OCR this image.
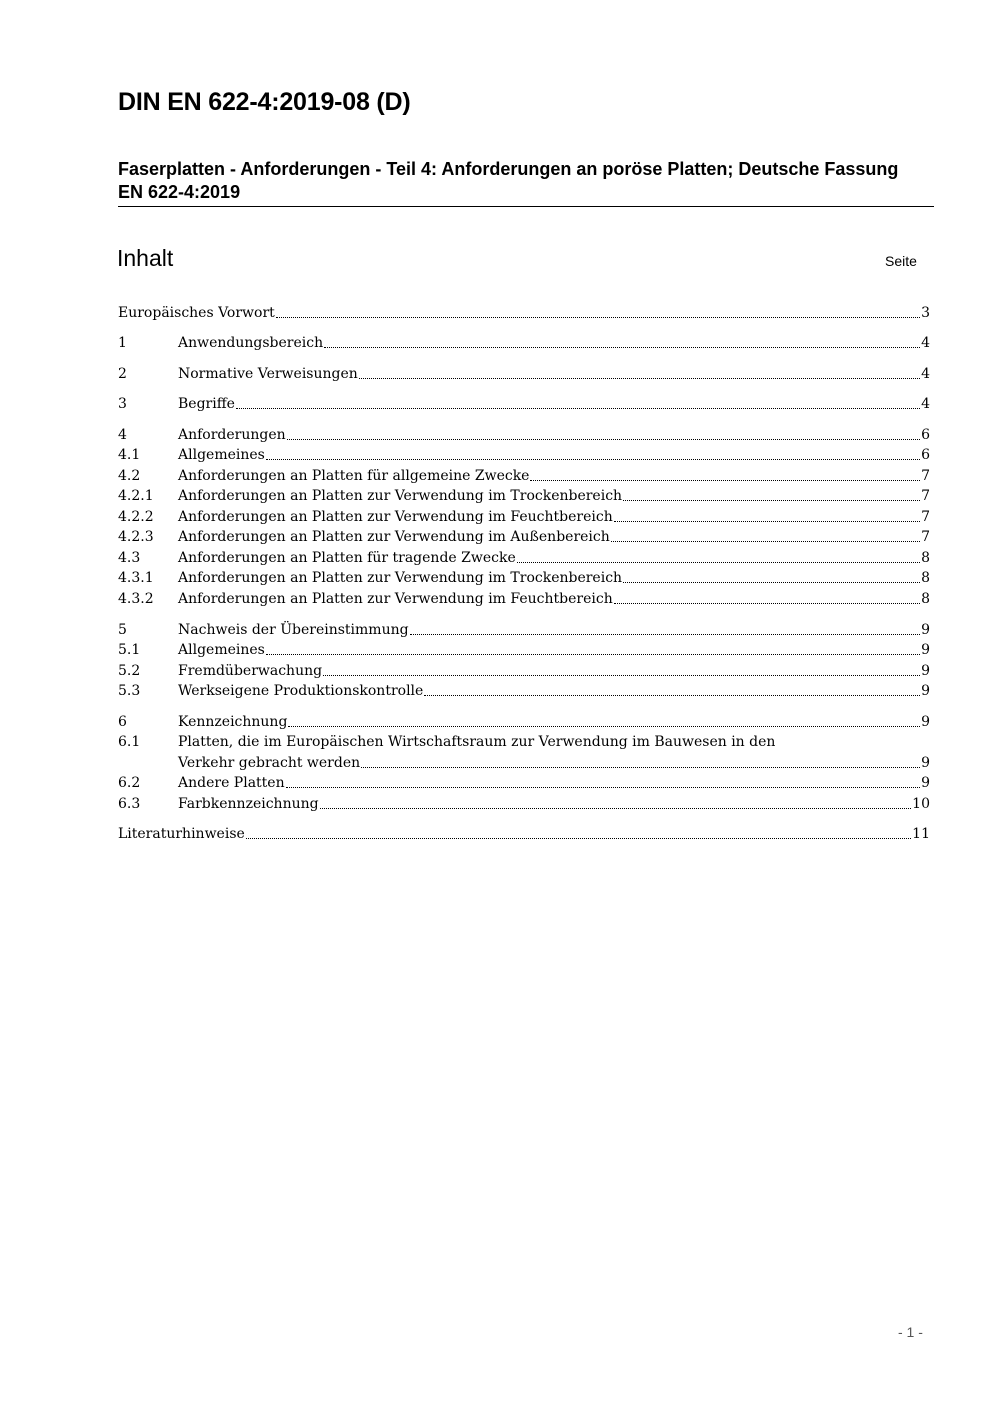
DIN EN 622-4:2019-08 (D)
Faserplatten - Anforderungen - Teil 4: Anforderungen an poröse Platten; Deutsche Fassung EN 622-4:2019
Inhalt	Seite
Europäisches Vorwort	3
1	Anwendungsbereich	4
2	Normative Verweisungen	4
3	Begriffe	4
4	Anforderungen	6
4.1	Allgemeines	6
4.2	Anforderungen an Platten für allgemeine Zwecke	7
4.2.1 Anforderungen an Platten zur Verwendung im Trockenbereich	7
4.2.2 Anforderungen an Platten zur Verwendung im Feuchtbereich	7
4.2.3 Anforderungen an Platten zur Verwendung im Außenbereich	7
4.3	Anforderungen an Platten für tragende Zwecke	8
4.3.1 Anforderungen an Platten zur Verwendung im Trockenbereich	8
4.3.2 Anforderungen an Platten zur Verwendung im Feuchtbereich	8
5	Nachweis der Übereinstimmung	9
5.1	Allgemeines	9
5.2	Fremdüberwachung	9
5.3	Werkseigene Produktionskontrolle	9
6	Kennzeichnung	9
6.1	Platten, die im Europäischen Wirtschaftsraum zur Verwendung im Bauwesen in den
Verkehr gebracht werden	9
6.2	Andere Platten	9
6.3	Farbkennzeichnung	10
Literaturhinweise	11
- 1 -
